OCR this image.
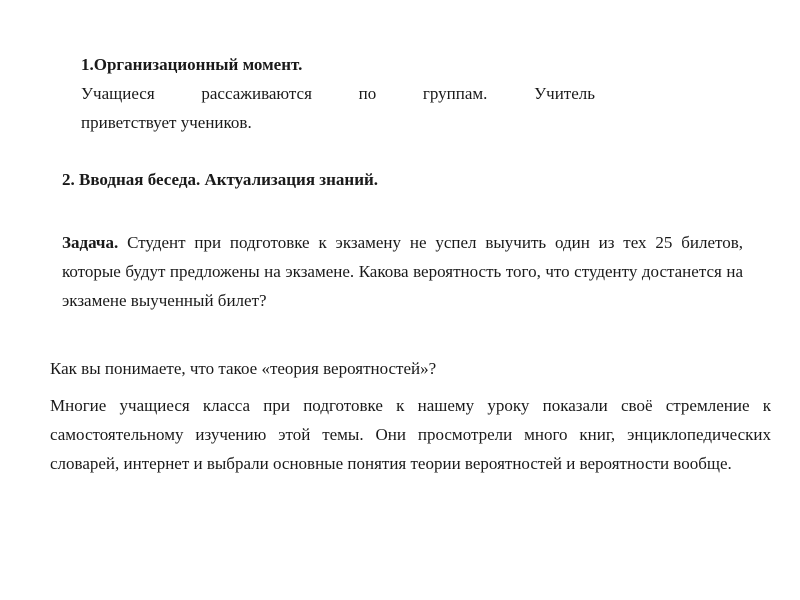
1.Организационный момент.
Учащиеся рассаживаются по группам. Учитель
приветствует учеников.
2. Вводная беседа. Актуализация знаний.
Задача. Студент при подготовке к экзамену не успел выучить один из тех 25 билетов, которые будут предложены на экзамене. Какова вероятность того, что студенту достанется на экзамене выученный билет?
Как вы понимаете, что такое «теория вероятностей»?
Многие учащиеся класса при подготовке к нашему уроку показали своё стремление к самостоятельному изучению этой темы. Они просмотрели много книг, энциклопедических словарей, интернет и выбрали основные понятия теории вероятностей и вероятности вообще.
